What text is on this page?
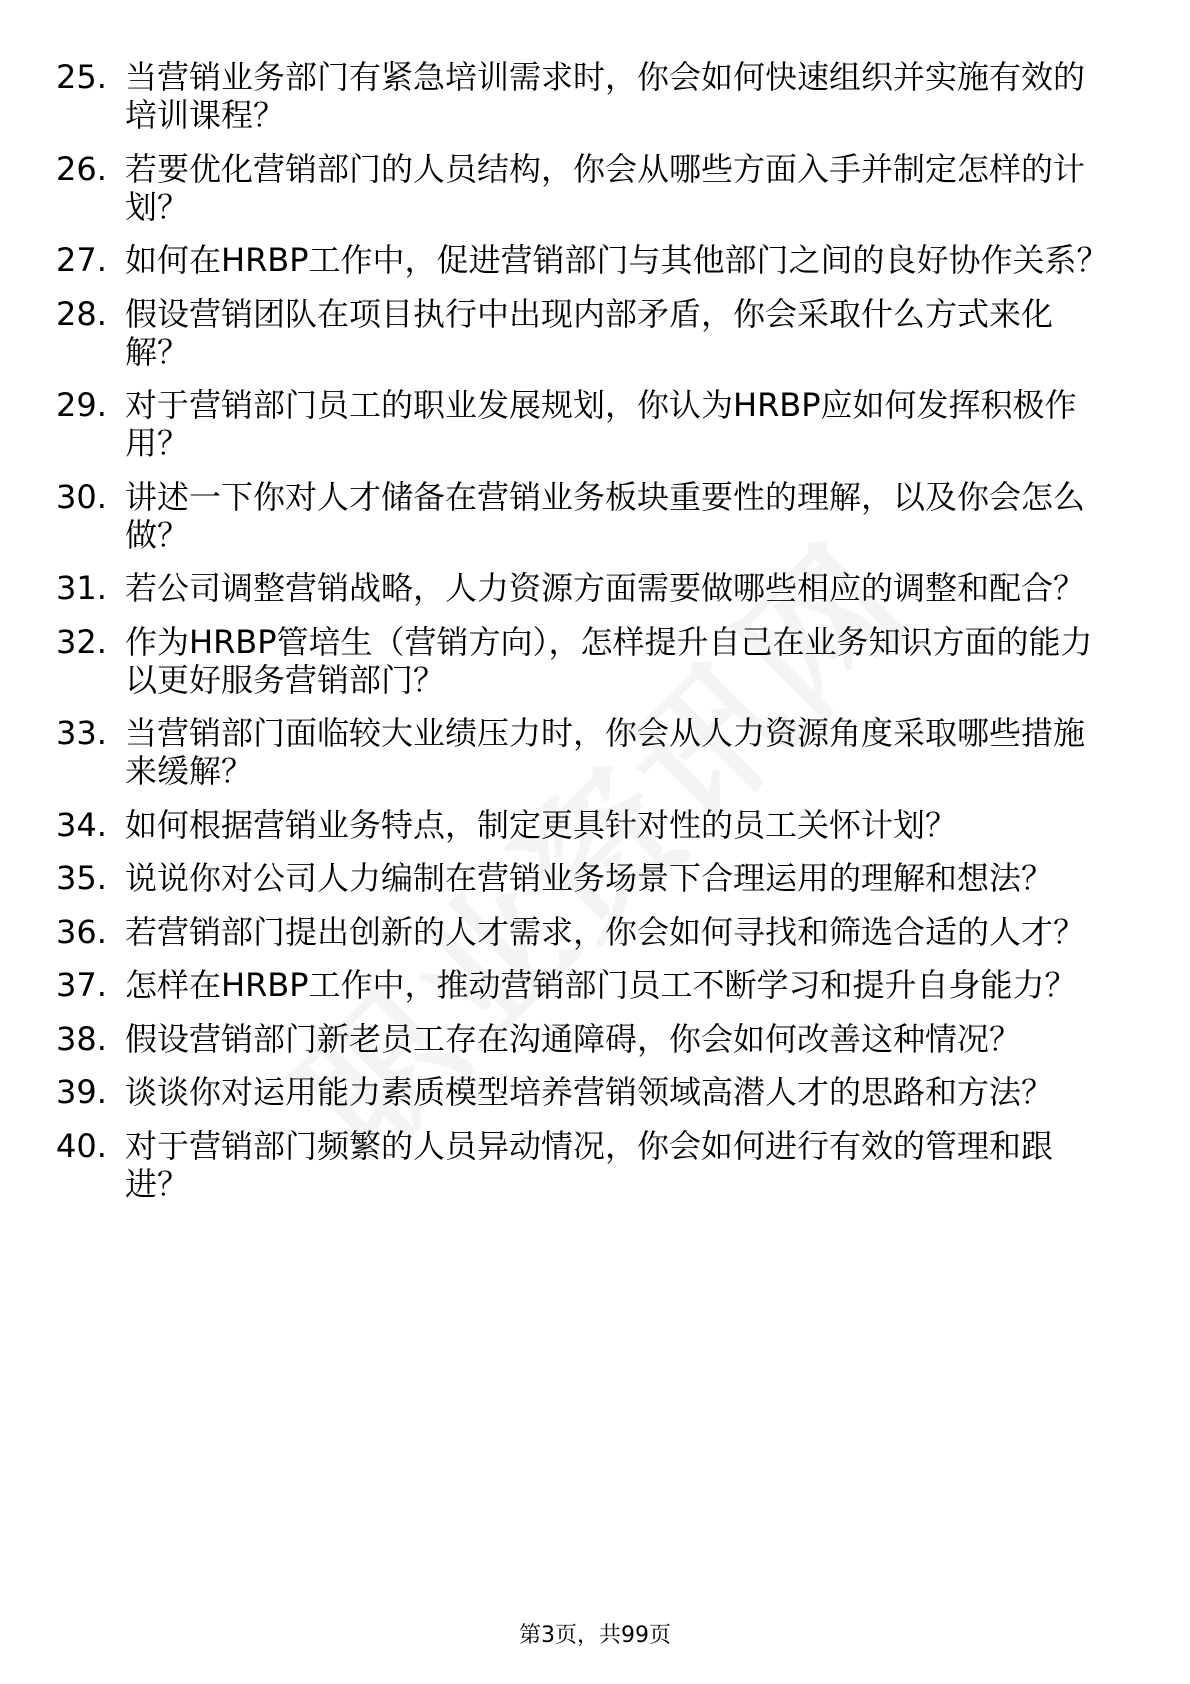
25. 当营销业务部门有紧急培训需求时，你会如何快速组织并实施有效的培训课程？
26. 若要优化营销部门的人员结构，你会从哪些方面入手并制定怎样的计划？
27. 如何在HRBP工作中，促进营销部门与其他部门之间的良好协作关系？
28. 假设营销团队在项目执行中出现内部矛盾，你会采取什么方式来化解？
29. 对于营销部门员工的职业发展规划，你认为HRBP应如何发挥积极作用？
30. 讲述一下你对人才储备在营销业务板块重要性的理解，以及你会怎么做？
31. 若公司调整营销战略，人力资源方面需要做哪些相应的调整和配合？
32. 作为HRBP管培生（营销方向），怎样提升自己在业务知识方面的能力以更好服务营销部门？
33. 当营销部门面临较大业绩压力时，你会从人力资源角度采取哪些措施来缓解？
34. 如何根据营销业务特点，制定更具针对性的员工关怀计划？
35. 说说你对公司人力编制在营销业务场景下合理运用的理解和想法？
36. 若营销部门提出创新的人才需求，你会如何寻找和筛选合适的人才？
37. 怎样在HRBP工作中，推动营销部门员工不断学习和提升自身能力？
38. 假设营销部门新老员工存在沟通障碍，你会如何改善这种情况？
39. 谈谈你对运用能力素质模型培养营销领域高潜人才的思路和方法？
40. 对于营销部门频繁的人员异动情况，你会如何进行有效的管理和跟进？
第3页，共99页
